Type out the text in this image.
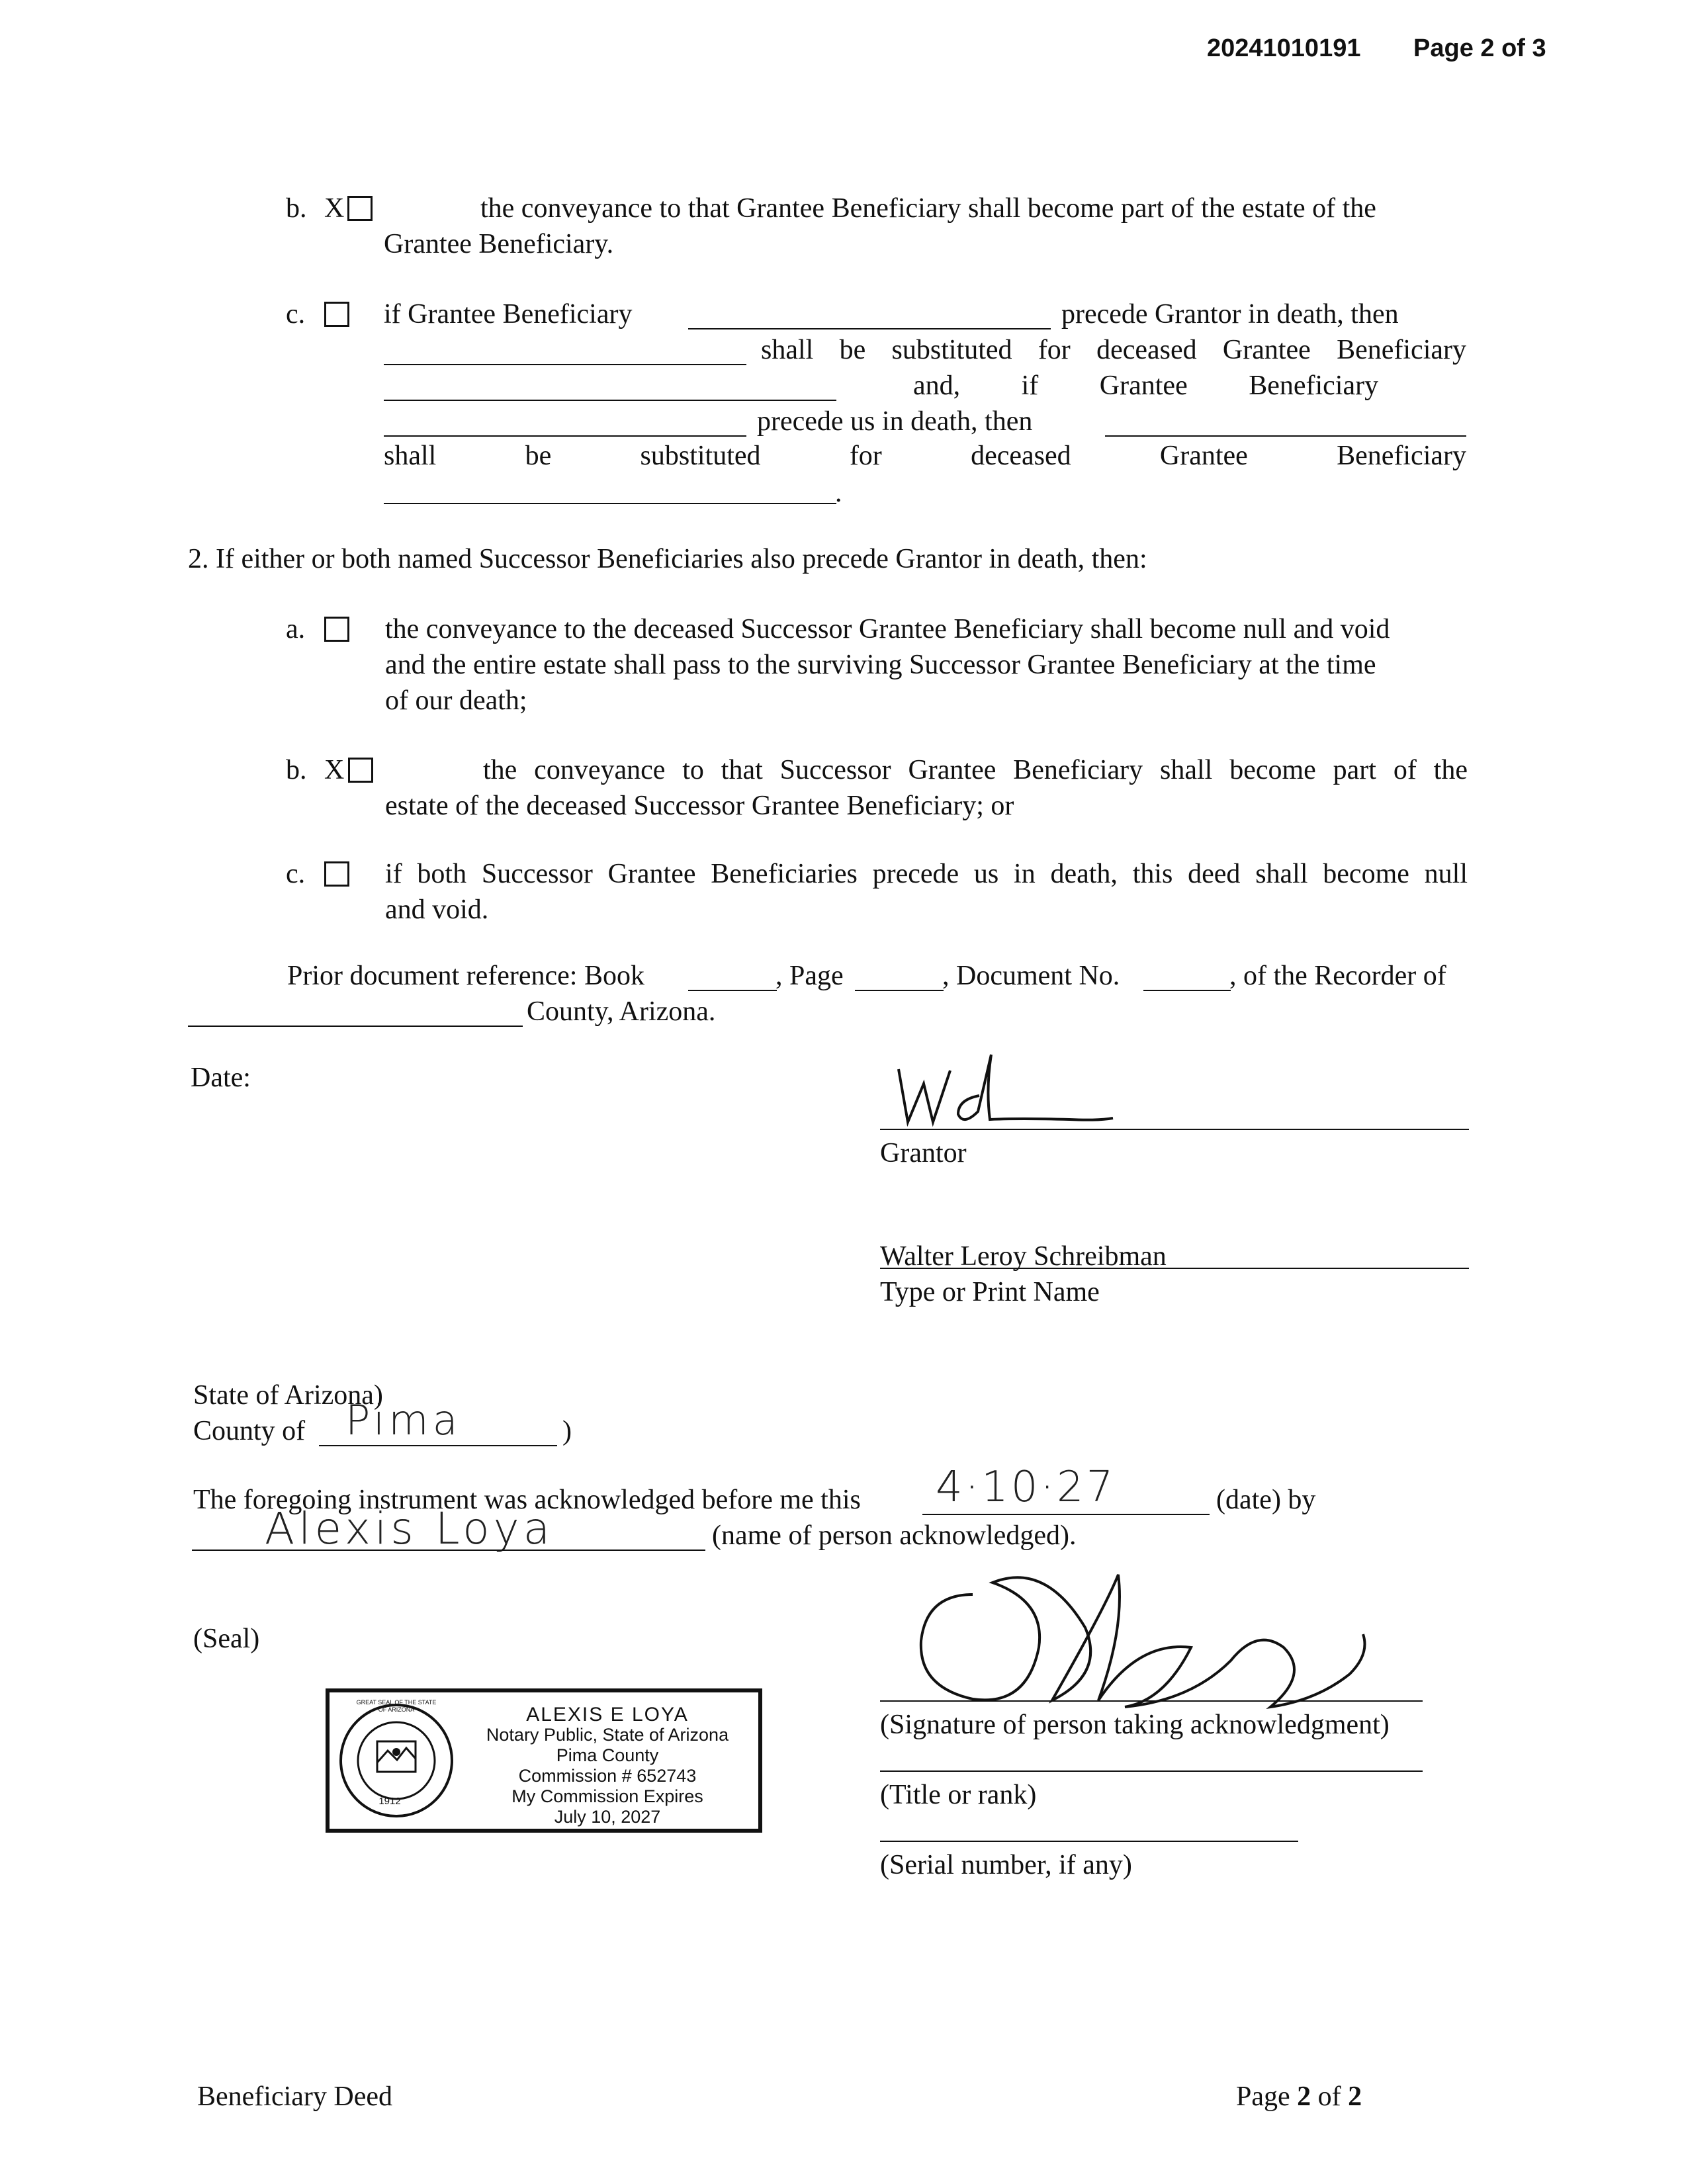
20241010191 Page 2 of 3
b. X	the conveyance to that Grantee Beneficiary shall become part of the estate of the
Grantee Beneficiary.
c.	if Grantee Beneficiary	precede Grantor in death, then
shall be substituted for deceased Grantee Beneficiary
and, if Grantee Beneficiary
precede us in death, then
shall be substituted for deceased Grantee Beneficiary
.
2. If either or both named Successor Beneficiaries also precede Grantor in death, then:
a.	the conveyance to the deceased Successor Grantee Beneficiary shall become null and void
and the entire estate shall pass to the surviving Successor Grantee Beneficiary at the time
of our death;
b. X	the conveyance to that Successor Grantee Beneficiary shall become part of the
estate of the deceased Successor Grantee Beneficiary; or
c.	if both Successor Grantee Beneficiaries precede us in death, this deed shall become null
and void.
Prior document reference: Book	, Page	, Document No.	, of the Recorder of
County, Arizona.
Date:
Grantor
Walter Leroy Schreibman
Type or Print Name
State of Arizona)
County of Pima	)
The foregoing instrument was acknowledged before me this 4·10·27	(date) by
Alexis Loya	(name of person acknowledged).
(Seal)
GREAT SEAL OF THE STATE OF ARIZONA
1912
ALEXIS E LOYA
Notary Public, State of Arizona
Pima County
Commission # 652743
My Commission Expires
July 10, 2027
(Signature of person taking acknowledgment)
(Title or rank)
(Serial number, if any)
Beneficiary Deed	Page 2 of 2
